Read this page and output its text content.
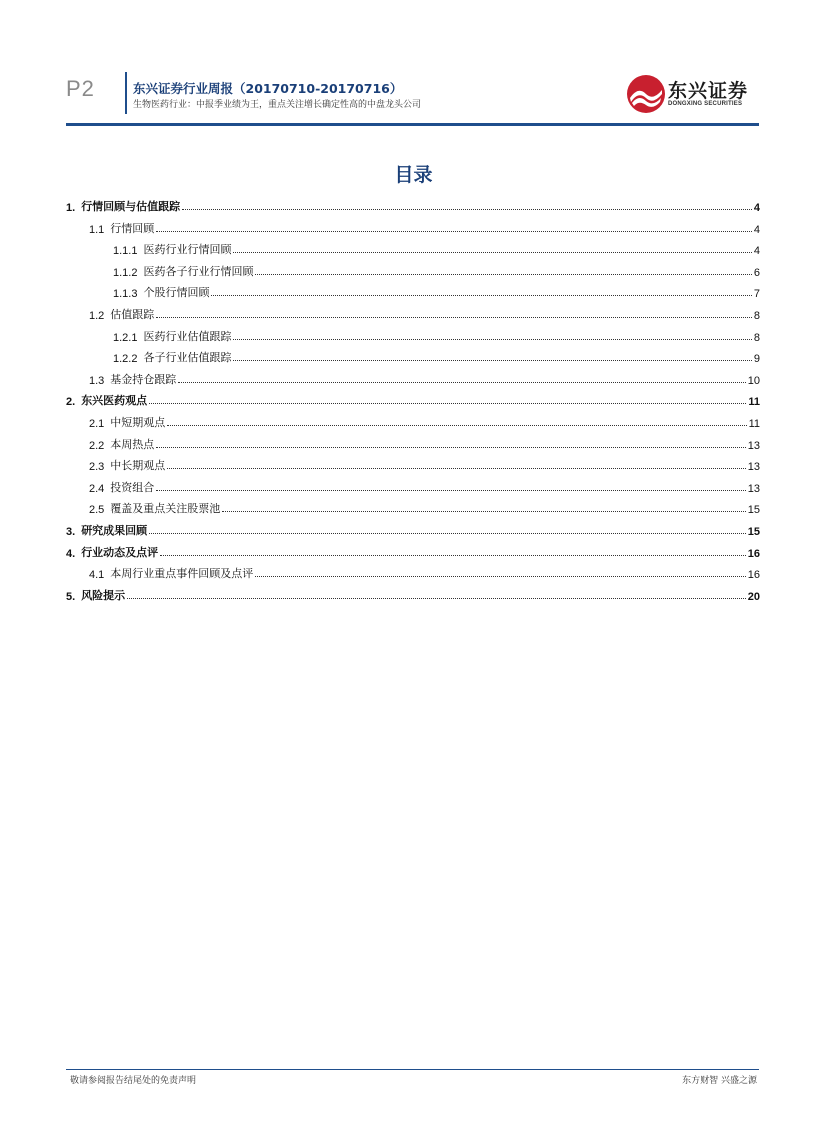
P2	东兴证券行业周报（20170710-20170716）
生物医药行业：中报季业绩为王，重点关注增长确定性高的中盘龙头公司
东兴证券
DONGXING SECURITIES
目录
1. 行情回顾与估值跟踪	4
1.1 行情回顾	4
1.1.1 医药行业行情回顾	4
1.1.2 医药各子行业行情回顾	6
1.1.3 个股行情回顾	7
1.2 估值跟踪	8
1.2.1 医药行业估值跟踪	8
1.2.2 各子行业估值跟踪	9
1.3 基金持仓跟踪	10
2. 东兴医药观点	11
2.1 中短期观点	11
2.2 本周热点	13
2.3 中长期观点	13
2.4 投资组合	13
2.5 覆盖及重点关注股票池	15
3. 研究成果回顾	15
4. 行业动态及点评	16
4.1 本周行业重点事件回顾及点评	16
5. 风险提示	20
敬请参阅报告结尾处的免责声明	东方财智 兴盛之源
